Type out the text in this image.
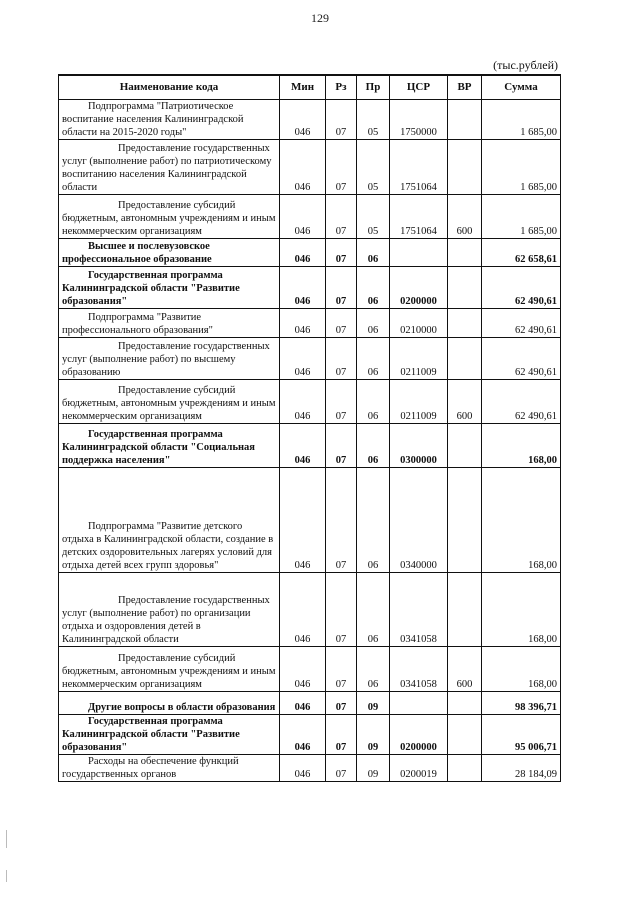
129
(тыс.рублей)
Наименование кода	Мин	Рз	Пр	ЦСР	ВР	Сумма
Подпрограмма "Патриотическое воспитание населения Калининградской области на 2015-2020 годы"	046	07	05	1750000		1 685,00
Предоставление государственных услуг (выполнение работ) по патриотическому воспитанию населения Калининградской области	046	07	05	1751064		1 685,00
Предоставление субсидий бюджетным, автономным учреждениям и иным некоммерческим организациям	046	07	05	1751064	600	1 685,00
Высшее и послевузовское профессиональное образование	046	07	06			62 658,61
Государственная программа Калининградской области "Развитие образования"	046	07	06	0200000		62 490,61
Подпрограмма "Развитие профессионального образования"	046	07	06	0210000		62 490,61
Предоставление государственных услуг (выполнение работ) по высшему образованию	046	07	06	0211009		62 490,61
Предоставление субсидий бюджетным, автономным учреждениям и иным некоммерческим организациям	046	07	06	0211009	600	62 490,61
Государственная программа Калининградской области "Социальная поддержка населения"	046	07	06	0300000		168,00
Подпрограмма "Развитие детского отдыха в Калининградской области, создание в детских оздоровительных лагерях условий для отдыха детей всех групп здоровья"	046	07	06	0340000		168,00
Предоставление государственных услуг (выполнение работ) по организации отдыха и оздоровления детей в Калининградской области	046	07	06	0341058		168,00
Предоставление субсидий бюджетным, автономным учреждениям и иным некоммерческим организациям	046	07	06	0341058	600	168,00
Другие вопросы в области образования	046	07	09			98 396,71
Государственная программа Калининградской области "Развитие образования"	046	07	09	0200000		95 006,71
Расходы на обеспечение функций государственных органов	046	07	09	0200019		28 184,09
